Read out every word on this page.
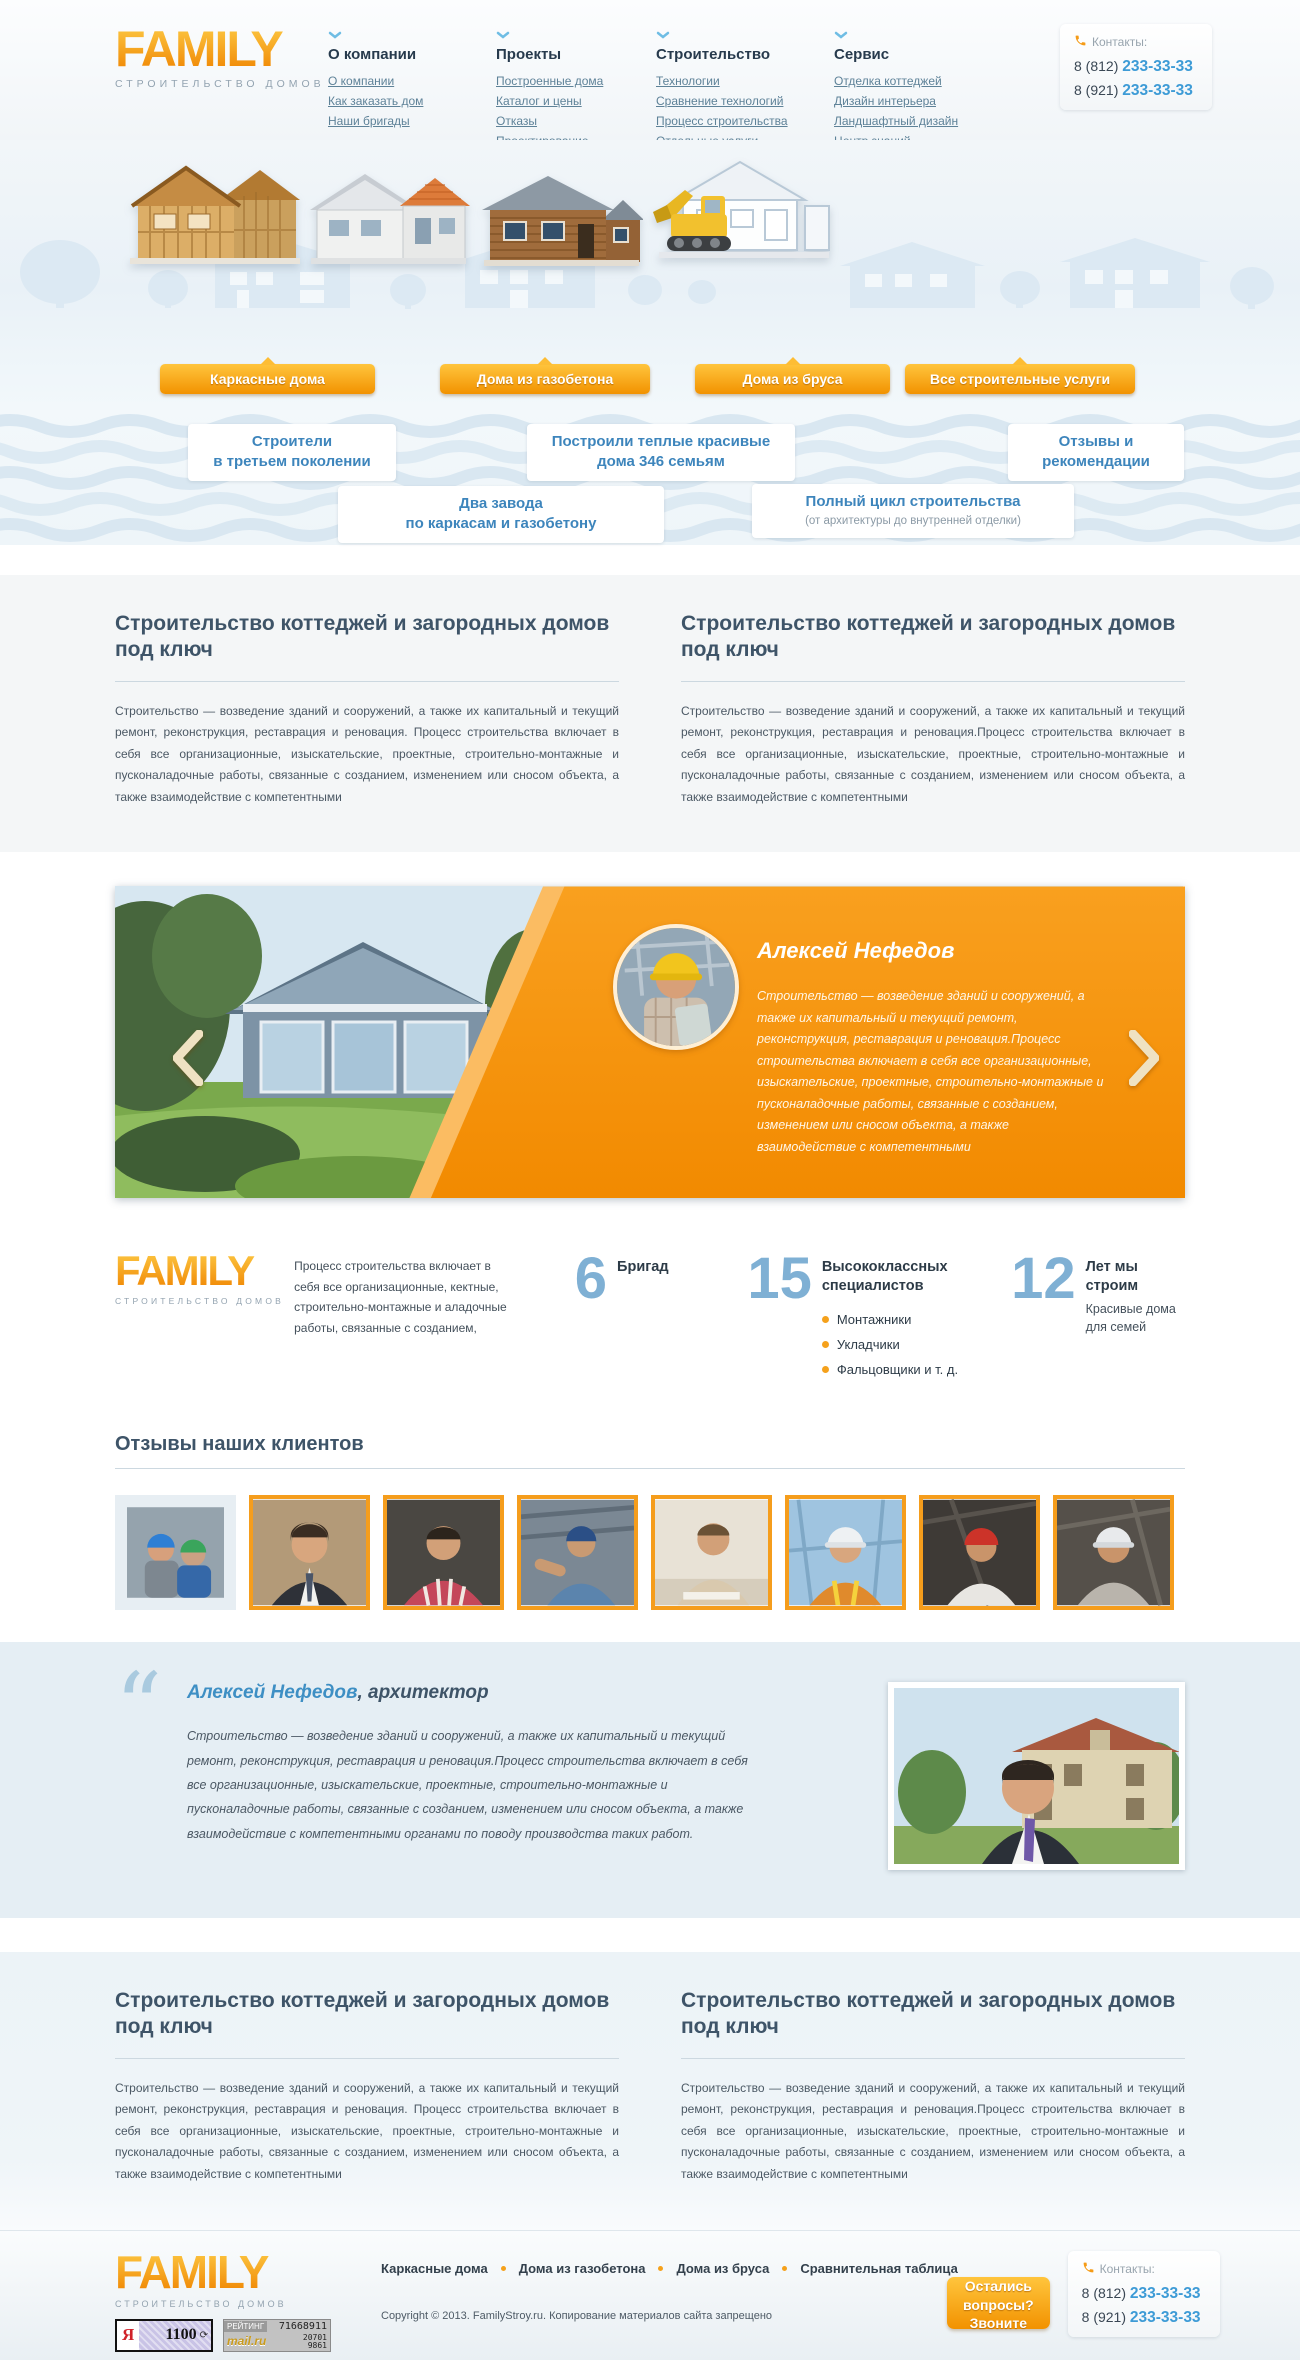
FAMILY
СТРОИТЕЛЬСТВО ДОМОВ
О компании
О компании
Как заказать дом
Наши бригады
Проекты
Построенные дома
Каталог и цены
Отказы
Строительство
Технологии
Сравнение технологий
Процесс строительства
Сервис
Отделка коттеджей
Дизайн интерьера
Ландшафтный дизайн
Контакты:
8 (812) 233-33-33
8 (921) 233-33-33
Каркасные дома	Дома из газобетона	Дома из бруса	Все строительные услуги
Строители
в третьем поколении
Построили теплые красивые
дома 346 семьям
Отзывы и
рекомендации
Два завода
по каркасам и газобетону
Полный цикл строительства
(от архитектуры до внутренней отделки)
Строительство коттеджей и загородных домов под ключ

Строительство — возведение зданий и сооружений, а также их капитальный и текущий ремонт, реконструкция, реставрация и реновация. Процесс строительства включает в себя все организационные, изыскательские, проектные, строительно-монтажные и пусконаладочные работы, связанные с созданием, изменением или сносом объекта, а также взаимодействие с компетентными

Строительство коттеджей и загородных домов под ключ

Строительство — возведение зданий и сооружений, а также их капитальный и текущий ремонт, реконструкция, реставрация и реновация.Процесс строительства включает в себя все организационные, изыскательские, проектные, строительно-монтажные и пусконаладочные работы, связанные с созданием, изменением или сносом объекта, а также взаимодействие с компетентными

Алексей Нефедов
Строительство — возведение зданий и сооружений, а также их капитальный и текущий ремонт, реконструкция, реставрация и реновация.Процесс строительства включает в себя все организационные, изыскательские, проектные, строительно-монтажные и пусконаладочные работы, связанные с созданием, изменением или сносом объекта, а также взаимодействие с компетентными
FAMILY
СТРОИТЕЛЬСТВО ДОМОВ
Процесс строительства включает в себя все организационные, кектные, строительно-монтажные и аладочные работы, связанные с созданием,
6 Бригад 15 Высококлассных специалистов
Монтажники
Укладчики
Фальцовщики и т. д.
12 Лет мы строим
Красивые дома для семей
Отзывы наших клиентов
“	Алексей Нефедов, архитектор
Строительство — возведение зданий и сооружений, а также их капитальный и текущий ремонт, реконструкция, реставрация и реновация.Процесс строительства включает в себя все организационные, изыскательские, проектные, строительно-монтажные и пусконаладочные работы, связанные с созданием, изменением или сносом объекта, а также взаимодействие с компетентными органами по поводу производства таких работ.
Строительство коттеджей и загородных домов под ключ

Строительство — возведение зданий и сооружений, а также их капитальный и текущий ремонт, реконструкция, реставрация и реновация. Процесс строительства включает в себя все организационные, изыскательские, проектные, строительно-монтажные и пусконаладочные работы, связанные с созданием, изменением или сносом объекта, а также взаимодействие с компетентными

Строительство коттеджей и загородных домов под ключ

Строительство — возведение зданий и сооружений, а также их капитальный и текущий ремонт, реконструкция, реставрация и реновация.Процесс строительства включает в себя все организационные, изыскательские, проектные, строительно-монтажные и пусконаладочные работы, связанные с созданием, изменением или сносом объекта, а также взаимодействие с компетентными

FAMILY
СТРОИТЕЛЬСТВО ДОМОВ
Я	1100 ⟳
РЕЙТИНГ	71668911
mail.ru	20701
9861
Каркасные дома Дома из газобетона Дома из бруса Сравнительная таблица
Copyright © 2013. FamilyStroy.ru. Копирование материалов сайта запрещено
Остались вопросы?
Звоните
Контакты:
8 (812) 233-33-33
8 (921) 233-33-33
